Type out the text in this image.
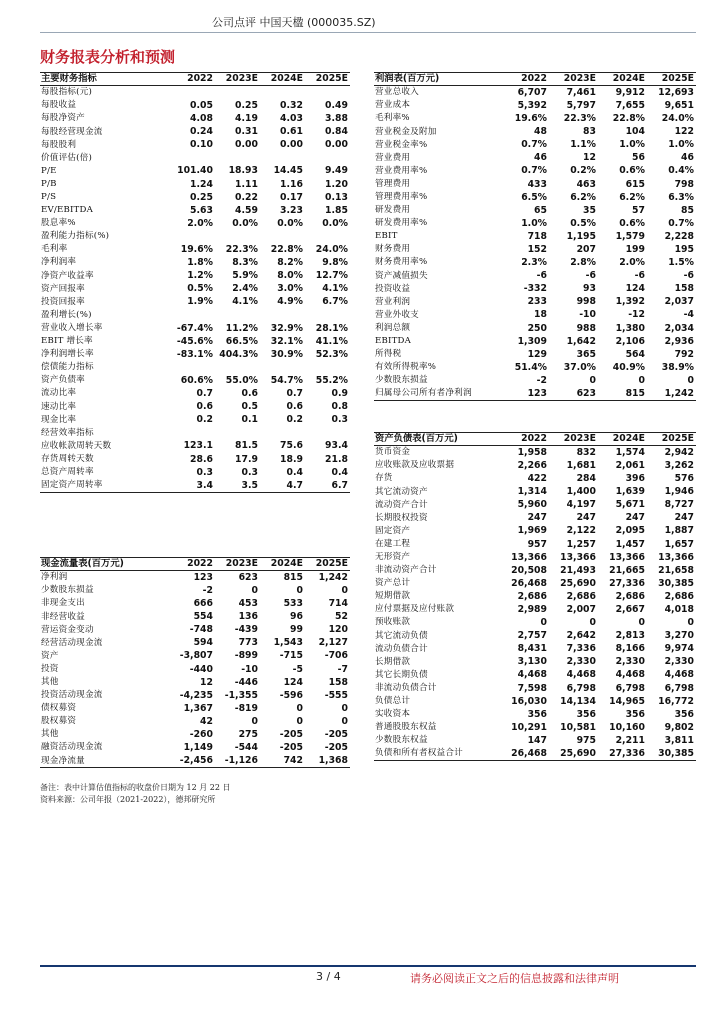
公司点评 中国天楹 (000035.SZ)
财务报表分析和预测
主要财务指标	2022	2023E	2024E	2025E
每股指标(元)				
每股收益	0.05	0.25	0.32	0.49
每股净资产	4.08	4.19	4.03	3.88
每股经营现金流	0.24	0.31	0.61	0.84
每股股利	0.10	0.00	0.00	0.00
价值评估(倍)				
P/E	101.40	18.93	14.45	9.49
P/B	1.24	1.11	1.16	1.20
P/S	0.25	0.22	0.17	0.13
EV/EBITDA	5.63	4.59	3.23	1.85
股息率%	2.0%	0.0%	0.0%	0.0%
盈利能力指标(%)				
毛利率	19.6%	22.3%	22.8%	24.0%
净利润率	1.8%	8.3%	8.2%	9.8%
净资产收益率	1.2%	5.9%	8.0%	12.7%
资产回报率	0.5%	2.4%	3.0%	4.1%
投资回报率	1.9%	4.1%	4.9%	6.7%
盈利增长(%)				
营业收入增长率	-67.4%	11.2%	32.9%	28.1%
EBIT 增长率	-45.6%	66.5%	32.1%	41.1%
净利润增长率	-83.1%	404.3%	30.9%	52.3%
偿债能力指标				
资产负债率	60.6%	55.0%	54.7%	55.2%
流动比率	0.7	0.6	0.7	0.9
速动比率	0.6	0.5	0.6	0.8
现金比率	0.2	0.1	0.2	0.3
经营效率指标				
应收帐款周转天数	123.1	81.5	75.6	93.4
存货周转天数	28.6	17.9	18.9	21.8
总资产周转率	0.3	0.3	0.4	0.4
固定资产周转率	3.4	3.5	4.7	6.7
利润表(百万元)	2022	2023E	2024E	2025E
营业总收入	6,707	7,461	9,912	12,693
营业成本	5,392	5,797	7,655	9,651
毛利率%	19.6%	22.3%	22.8%	24.0%
营业税金及附加	48	83	104	122
营业税金率%	0.7%	1.1%	1.0%	1.0%
营业费用	46	12	56	46
营业费用率%	0.7%	0.2%	0.6%	0.4%
管理费用	433	463	615	798
管理费用率%	6.5%	6.2%	6.2%	6.3%
研发费用	65	35	57	85
研发费用率%	1.0%	0.5%	0.6%	0.7%
EBIT	718	1,195	1,579	2,228
财务费用	152	207	199	195
财务费用率%	2.3%	2.8%	2.0%	1.5%
资产减值损失	-6	-6	-6	-6
投资收益	-332	93	124	158
营业利润	233	998	1,392	2,037
营业外收支	18	-10	-12	-4
利润总额	250	988	1,380	2,034
EBITDA	1,309	1,642	2,106	2,936
所得税	129	365	564	792
有效所得税率%	51.4%	37.0%	40.9%	38.9%
少数股东损益	-2	0	0	0
归属母公司所有者净利润	123	623	815	1,242
资产负债表(百万元)	2022	2023E	2024E	2025E
货币资金	1,958	832	1,574	2,942
应收账款及应收票据	2,266	1,681	2,061	3,262
存货	422	284	396	576
其它流动资产	1,314	1,400	1,639	1,946
流动资产合计	5,960	4,197	5,671	8,727
长期股权投资	247	247	247	247
固定资产	1,969	2,122	2,095	1,887
在建工程	957	1,257	1,457	1,657
无形资产	13,366	13,366	13,366	13,366
非流动资产合计	20,508	21,493	21,665	21,658
资产总计	26,468	25,690	27,336	30,385
短期借款	2,686	2,686	2,686	2,686
应付票据及应付账款	2,989	2,007	2,667	4,018
预收账款	0	0	0	0
其它流动负债	2,757	2,642	2,813	3,270
流动负债合计	8,431	7,336	8,166	9,974
长期借款	3,130	2,330	2,330	2,330
其它长期负债	4,468	4,468	4,468	4,468
非流动负债合计	7,598	6,798	6,798	6,798
负债总计	16,030	14,134	14,965	16,772
实收资本	356	356	356	356
普通股股东权益	10,291	10,581	10,160	9,802
少数股东权益	147	975	2,211	3,811
负债和所有者权益合计	26,468	25,690	27,336	30,385
现金流量表(百万元)	2022	2023E	2024E	2025E
净利润	123	623	815	1,242
少数股东损益	-2	0	0	0
非现金支出	666	453	533	714
非经营收益	554	136	96	52
营运资金变动	-748	-439	99	120
经营活动现金流	594	773	1,543	2,127
资产	-3,807	-899	-715	-706
投资	-440	-10	-5	-7
其他	12	-446	124	158
投资活动现金流	-4,235	-1,355	-596	-555
债权募资	1,367	-819	0	0
股权募资	42	0	0	0
其他	-260	275	-205	-205
融资活动现金流	1,149	-544	-205	-205
现金净流量	-2,456	-1,126	742	1,368
备注：表中计算估值指标的收盘价日期为 12 月 22 日
资料来源：公司年报（2021-2022），德邦研究所
3 / 4	请务必阅读正文之后的信息披露和法律声明
